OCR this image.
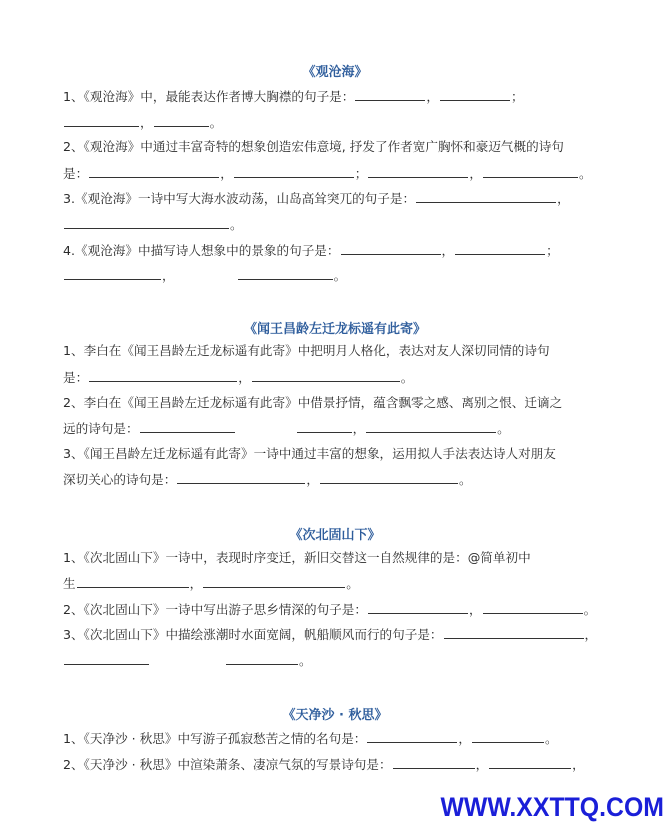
《观沧海》
1、《观沧海》中，最能表达作者博大胸襟的句子是：	，	；
，	。
2、《观沧海》中通过丰富奇特的想象创造宏伟意境, 抒发了作者宽广胸怀和豪迈气概的诗句
是：	，	；	，	。
3.《观沧海》一诗中写大海水波动荡，山岛高耸突兀的句子是：	，
。
4.《观沧海》中描写诗人想象中的景象的句子是：	，	；
，	。
《闻王昌龄左迁龙标遥有此寄》
1、李白在《闻王昌龄左迁龙标遥有此寄》中把明月人格化，表达对友人深切同情的诗句
是：	，	。
2、李白在《闻王昌龄左迁龙标遥有此寄》中借景抒情，蕴含飘零之感、离别之恨、迁谪之
远的诗句是：	，	。
3、《闻王昌龄左迁龙标遥有此寄》一诗中通过丰富的想象，运用拟人手法表达诗人对朋友
深切关心的诗句是：	，	。
《次北固山下》
1、《次北固山下》一诗中，表现时序变迁，新旧交替这一自然规律的是：@简单初中
生	，	。
2、《次北固山下》一诗中写出游子思乡情深的句子是：	，	。
3、《次北固山下》中描绘涨潮时水面宽阔，帆船顺风而行的句子是：	，
。
《天净沙 · 秋思》
1、《天净沙 · 秋思》中写游子孤寂愁苦之情的名句是：	，	。
2、《天净沙 · 秋思》中渲染萧条、凄凉气氛的写景诗句是：	，	，
WWW.XXTTQ.COM
